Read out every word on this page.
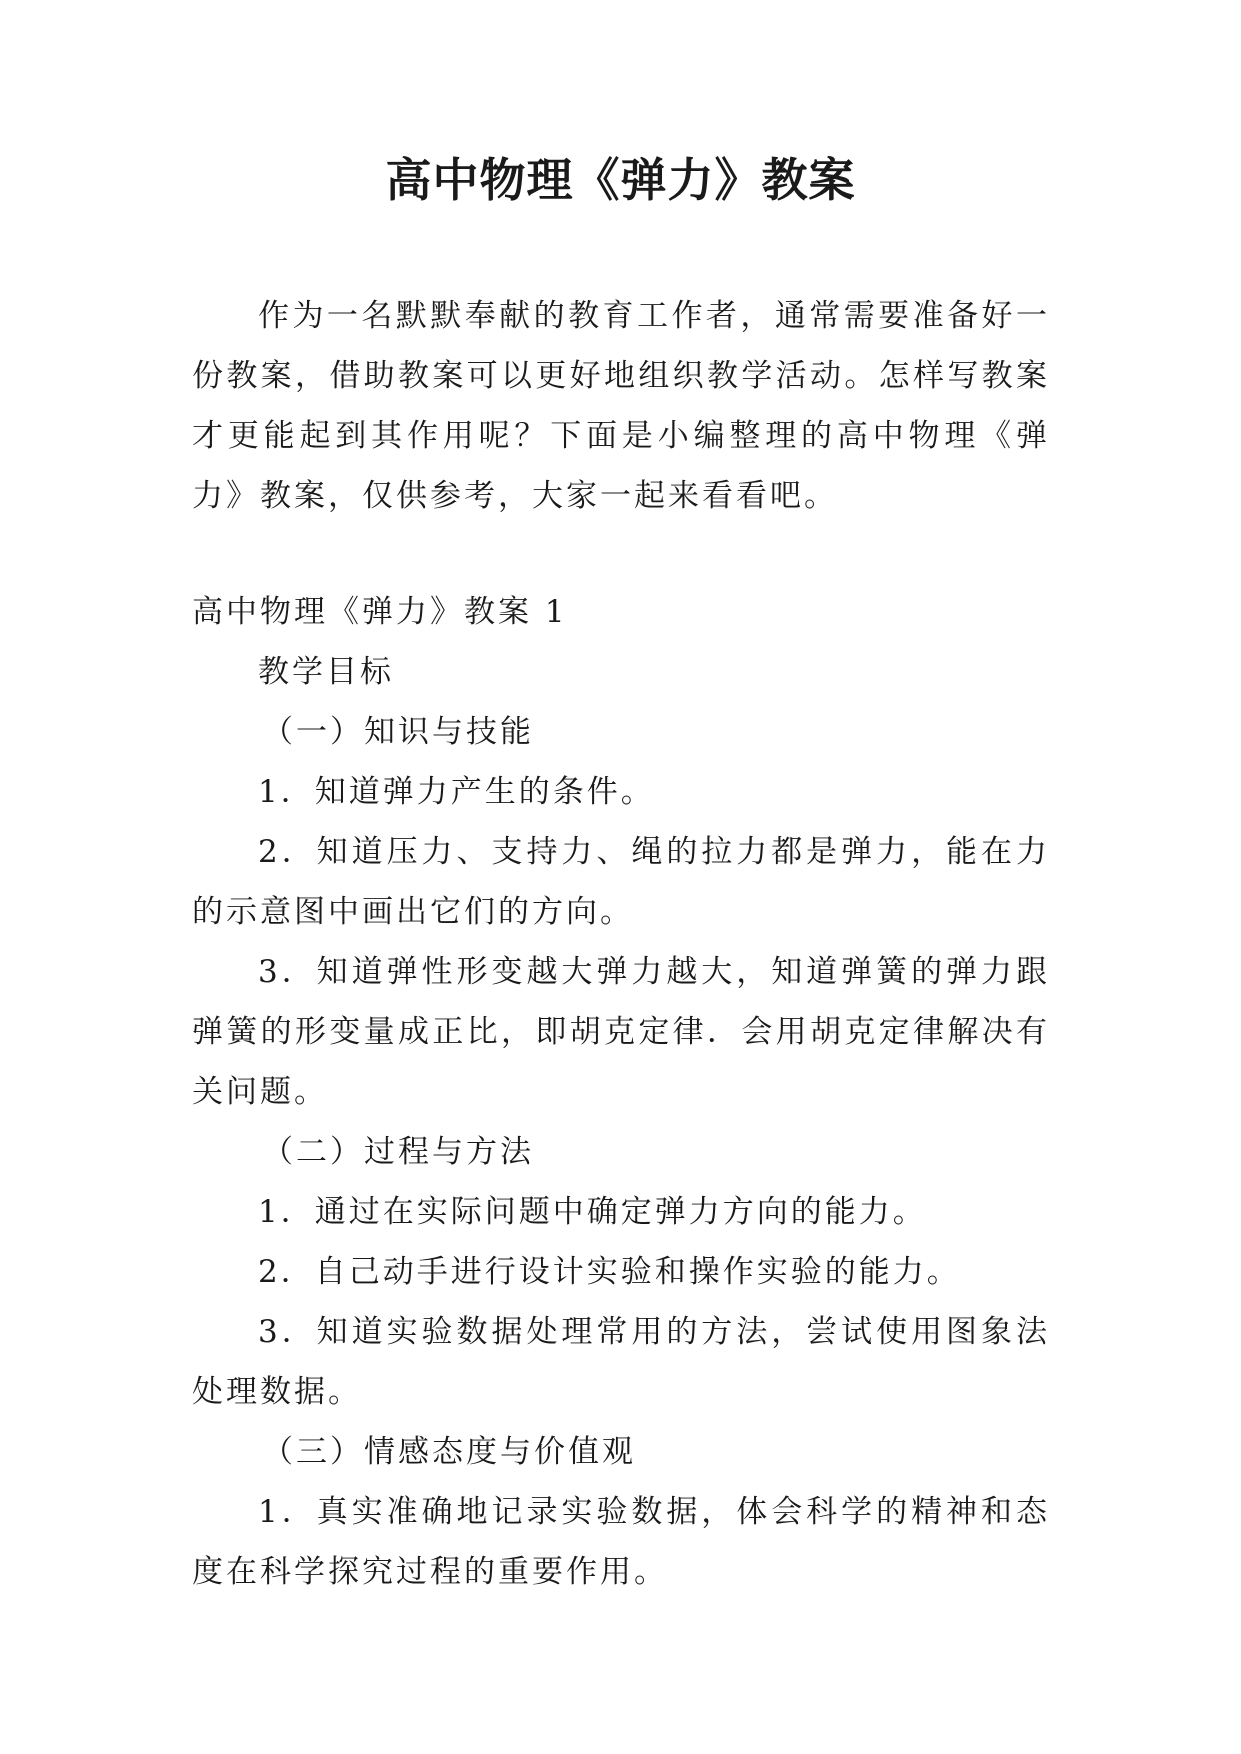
高中物理《弹力》教案

作为一名默默奉献的教育工作者，通常需要准备好一份教案，借助教案可以更好地组织教学活动。怎样写教案才更能起到其作用呢？下面是小编整理的高中物理《弹力》教案，仅供参考，大家一起来看看吧。

高中物理《弹力》教案 1

教学目标

（一）知识与技能

1．知道弹力产生的条件。

2．知道压力、支持力、绳的拉力都是弹力，能在力的示意图中画出它们的方向。

3．知道弹性形变越大弹力越大，知道弹簧的弹力跟弹簧的形变量成正比，即胡克定律．会用胡克定律解决有关问题。

（二）过程与方法

1．通过在实际问题中确定弹力方向的能力。

2．自己动手进行设计实验和操作实验的能力。

3．知道实验数据处理常用的方法，尝试使用图象法处理数据。

（三）情感态度与价值观

1．真实准确地记录实验数据，体会科学的精神和态度在科学探究过程的重要作用。
